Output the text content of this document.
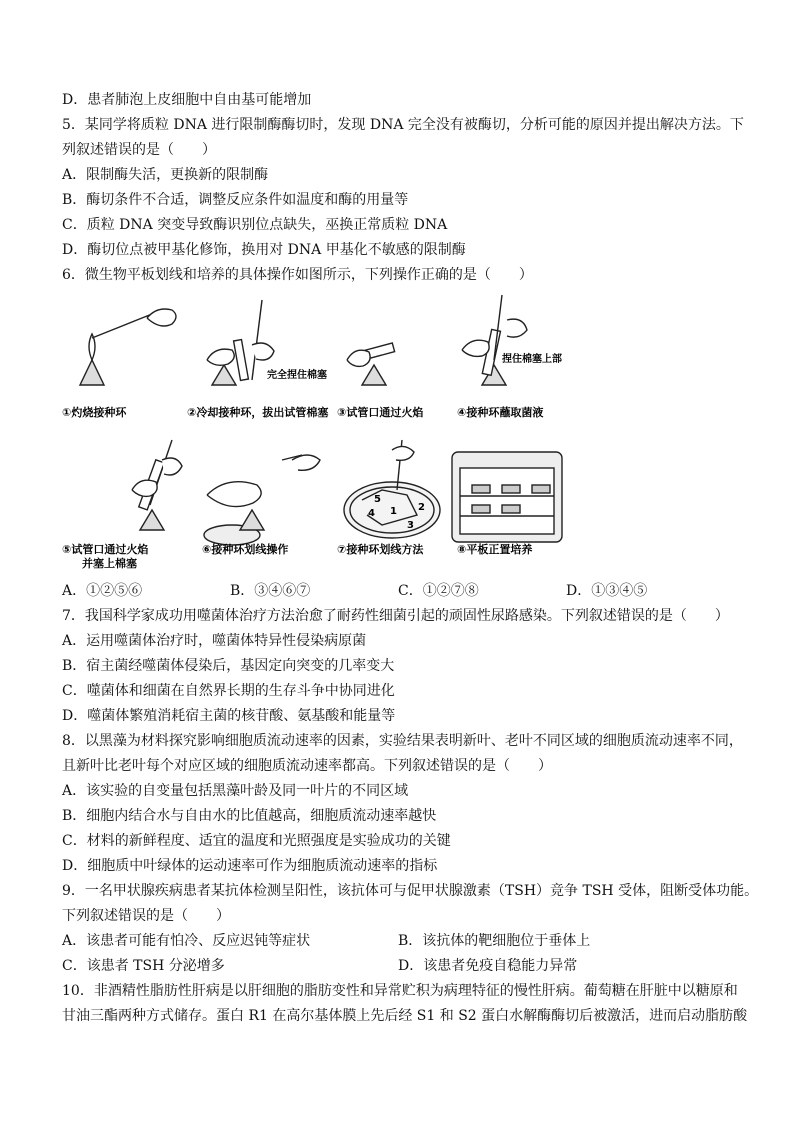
D．患者肺泡上皮细胞中自由基可能增加
5．某同学将质粒 DNA 进行限制酶酶切时，发现 DNA 完全没有被酶切，分析可能的原因并提出解决方法。下
列叙述错误的是（　　）
A．限制酶失活，更换新的限制酶
B．酶切条件不合适，调整反应条件如温度和酶的用量等
C．质粒 DNA 突变导致酶识别位点缺失，巫换正常质粒 DNA
D．酶切位点被甲基化修饰，换用对 DNA 甲基化不敏感的限制酶
6．微生物平板划线和培养的具体操作如图所示，下列操作正确的是（　　）
完全捏住棉塞
捏住棉塞上部
5
4 1 2
3
①灼烧接种环	②冷却接种环，拔出试管棉塞 ③试管口通过火焰	④接种环蘸取菌液
⑤试管口通过火焰
并塞上棉塞
⑥接种环划线操作	⑦接种环划线方法	⑧平板正置培养
A．①②⑤⑥	B．③④⑥⑦	C．①②⑦⑧	D．①③④⑤
7．我国科学家成功用噬菌体治疗方法治愈了耐药性细菌引起的顽固性尿路感染。下列叙述错误的是（　　）
A．运用噬菌体治疗时，噬菌体特异性侵染病原菌
B．宿主菌经噬菌体侵染后，基因定向突变的几率变大
C．噬菌体和细菌在自然界长期的生存斗争中协同进化
D．噬菌体繁殖消耗宿主菌的核苷酸、氨基酸和能量等
8．以黑藻为材料探究影响细胞质流动速率的因素，实验结果表明新叶、老叶不同区域的细胞质流动速率不同，
且新叶比老叶每个对应区域的细胞质流动速率都高。下列叙述错误的是（　　）
A．该实验的自变量包括黑藻叶龄及同一叶片的不同区域
B．细胞内结合水与自由水的比值越高，细胞质流动速率越快
C．材料的新鲜程度、适宜的温度和光照强度是实验成功的关键
D．细胞质中叶绿体的运动速率可作为细胞质流动速率的指标
9．一名甲状腺疾病患者某抗体检测呈阳性，该抗体可与促甲状腺激素（TSH）竞争 TSH 受体，阻断受体功能。
下列叙述错误的是（　　）
A．该患者可能有怕冷、反应迟钝等症状	B．该抗体的靶细胞位于垂体上
C．该患者 TSH 分泌增多	D．该患者免疫自稳能力异常
10．非酒精性脂肪性肝病是以肝细胞的脂肪变性和异常贮积为病理特征的慢性肝病。葡萄糖在肝脏中以糖原和
甘油三酯两种方式储存。蛋白 R1 在高尔基体膜上先后经 S1 和 S2 蛋白水解酶酶切后被激活，进而启动脂肪酸
